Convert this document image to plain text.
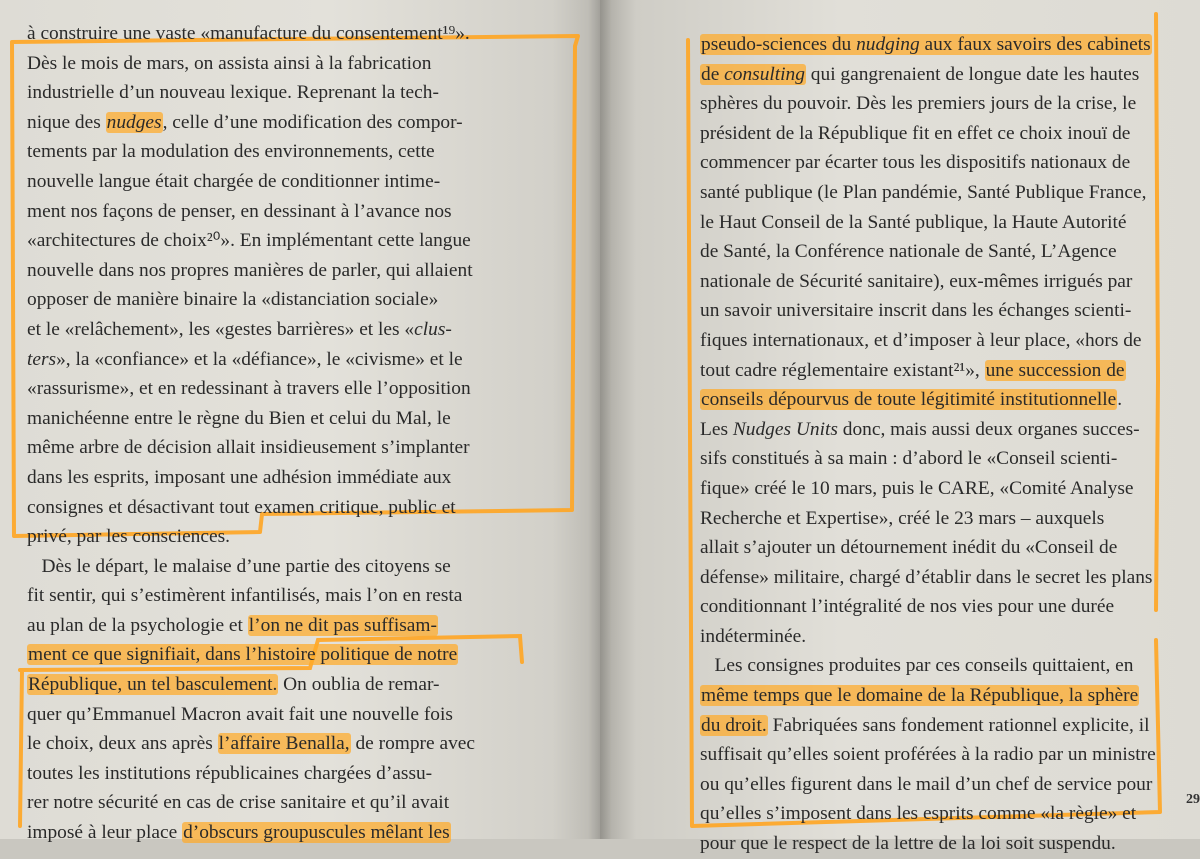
à construire une vaste «manufacture du consentement¹⁹».
Dès le mois de mars, on assista ainsi à la fabrication
industrielle d’un nouveau lexique. Reprenant la tech-
nique des nudges, celle d’une modification des compor-
tements par la modulation des environnements, cette
nouvelle langue était chargée de conditionner intime-
ment nos façons de penser, en dessinant à l’avance nos
«architectures de choix²⁰». En implémentant cette langue
nouvelle dans nos propres manières de parler, qui allaient
opposer de manière binaire la «distanciation sociale»
et le «relâchement», les «gestes barrières» et les «clus-
ters», la «confiance» et la «défiance», le «civisme» et le
«rassurisme», et en redessinant à travers elle l’opposition
manichéenne entre le règne du Bien et celui du Mal, le
même arbre de décision allait insidieusement s’implanter
dans les esprits, imposant une adhésion immédiate aux
consignes et désactivant tout examen critique, public et
privé, par les consciences.
Dès le départ, le malaise d’une partie des citoyens se
fit sentir, qui s’estimèrent infantilisés, mais l’on en resta
au plan de la psychologie et l’on ne dit pas suffisam-
ment ce que signifiait, dans l’histoire politique de notre
République, un tel basculement. On oublia de remar-
quer qu’Emmanuel Macron avait fait une nouvelle fois
le choix, deux ans après l’affaire Benalla, de rompre avec
toutes les institutions républicaines chargées d’assu-
rer notre sécurité en cas de crise sanitaire et qu’il avait
imposé à leur place d’obscurs groupuscules mêlant les
pseudo-sciences du nudging aux faux savoirs des cabinets
de consulting qui gangrenaient de longue date les hautes
sphères du pouvoir. Dès les premiers jours de la crise, le
président de la République fit en effet ce choix inouï de
commencer par écarter tous les dispositifs nationaux de
santé publique (le Plan pandémie, Santé Publique France,
le Haut Conseil de la Santé publique, la Haute Autorité
de Santé, la Conférence nationale de Santé, L’Agence
nationale de Sécurité sanitaire), eux-mêmes irrigués par
un savoir universitaire inscrit dans les échanges scienti-
fiques internationaux, et d’imposer à leur place, «hors de
tout cadre réglementaire existant²¹», une succession de
conseils dépourvus de toute légitimité institutionnelle.
Les Nudges Units donc, mais aussi deux organes succes-
sifs constitués à sa main : d’abord le «Conseil scienti-
fique» créé le 10 mars, puis le CARE, «Comité Analyse
Recherche et Expertise», créé le 23 mars – auxquels
allait s’ajouter un détournement inédit du «Conseil de
défense» militaire, chargé d’établir dans le secret les plans
conditionnant l’intégralité de nos vies pour une durée
indéterminée.
Les consignes produites par ces conseils quittaient, en
même temps que le domaine de la République, la sphère
du droit. Fabriquées sans fondement rationnel explicite, il
suffisait qu’elles soient proférées à la radio par un ministre
ou qu’elles figurent dans le mail d’un chef de service pour
qu’elles s’imposent dans les esprits comme «la règle» et
pour que le respect de la lettre de la loi soit suspendu.
29
